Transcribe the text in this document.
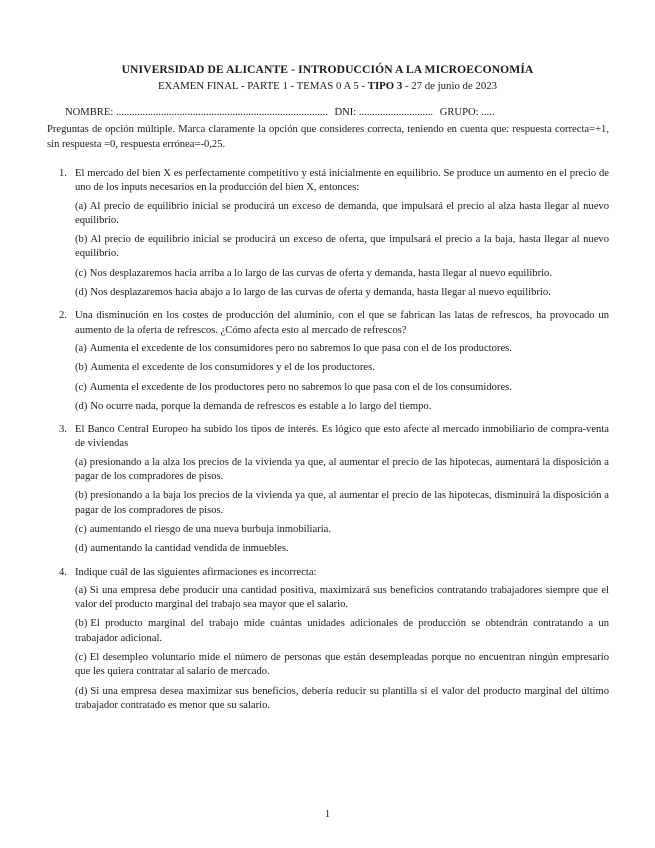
UNIVERSIDAD DE ALICANTE - INTRODUCCIÓN A LA MICROECONOMÍA
EXAMEN FINAL - PARTE 1 - TEMAS 0 A 5 - TIPO 3 - 27 de junio de 2023
NOMBRE: ................................................................................ DNI: ............................ GRUPO: .....
Preguntas de opción múltiple. Marca claramente la opción que consideres correcta, teniendo en cuenta que: respuesta correcta=+1, sin respuesta =0, respuesta errónea=-0,25.
1. El mercado del bien X es perfectamente competitivo y está inicialmente en equilibrio. Se produce un aumento en el precio de uno de los inputs necesarios en la producción del bien X, entonces:
(a) Al precio de equilibrio inicial se producirá un exceso de demanda, que impulsará el precio al alza hasta llegar al nuevo equilibrio.
(b) Al precio de equilibrio inicial se producirá un exceso de oferta, que impulsará el precio a la baja, hasta llegar al nuevo equilibrio.
(c) Nos desplazaremos hacia arriba a lo largo de las curvas de oferta y demanda, hasta llegar al nuevo equilibrio.
(d) Nos desplazaremos hacia abajo a lo largo de las curvas de oferta y demanda, hasta llegar al nuevo equilibrio.
2. Una disminución en los costes de producción del aluminio, con el que se fabrican las latas de refrescos, ha provocado un aumento de la oferta de refrescos. ¿Cómo afecta esto al mercado de refrescos?
(a) Aumenta el excedente de los consumidores pero no sabremos lo que pasa con el de los productores.
(b) Aumenta el excedente de los consumidores y el de los productores.
(c) Aumenta el excedente de los productores pero no sabremos lo que pasa con el de los consumidores.
(d) No ocurre nada, porque la demanda de refrescos es estable a lo largo del tiempo.
3. El Banco Central Europeo ha subido los tipos de interés. Es lógico que esto afecte al mercado inmobiliario de compra-venta de viviendas
(a) presionando a la alza los precios de la vivienda ya que, al aumentar el precio de las hipotecas, aumentará la disposición a pagar de los compradores de pisos.
(b) presionando a la baja los precios de la vivienda ya que, al aumentar el precio de las hipotecas, disminuirá la disposición a pagar de los compradores de pisos.
(c) aumentando el riesgo de una nueva burbuja inmobiliaria.
(d) aumentando la cantidad vendida de inmuebles.
4. Indique cuál de las siguientes afirmaciones es incorrecta:
(a) Si una empresa debe producir una cantidad positiva, maximizará sus beneficios contratando trabajadores siempre que el valor del producto marginal del trabajo sea mayor que el salario.
(b) El producto marginal del trabajo mide cuántas unidades adicionales de producción se obtendrán contratando a un trabajador adicional.
(c) El desempleo voluntario mide el número de personas que están desempleadas porque no encuentran ningún empresario que les quiera contratar al salario de mercado.
(d) Si una empresa desea maximizar sus beneficios, debería reducir su plantilla si el valor del producto marginal del último trabajador contratado es menor que su salario.
1
